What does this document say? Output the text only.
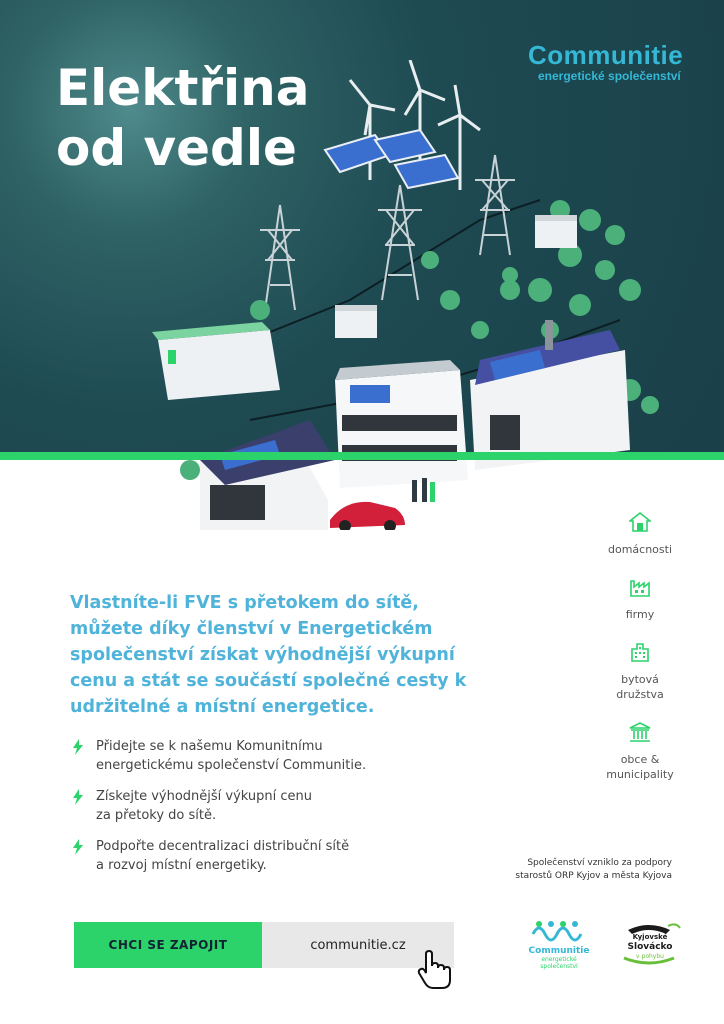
Elektřina
od vedle
Communitie
energetické společenství

Vlastníte-li FVE s přetokem do sítě, můžete díky členství v Energetickém společenství získat výhodnější výkupní cenu a stát se součástí společné cesty k udržitelné a místní energetice.

Přidejte se k našemu Komunitnímu
energetickému společenství Communitie.
Získejte výhodnější výkupní cenu
za přetoky do sítě.
Podpořte decentralizaci distribuční sítě
a rozvoj místní energetiky.
domácnosti
firmy
bytová
družstva
obce &
municipality
CHCI SE ZAPOJIT	communitie.cz
Společenství vzniklo za podpory
starostů ORP Kyjov a města Kyjova
Communitie
energetické společenství
Kyjovské
Slovácko
v pohybu
